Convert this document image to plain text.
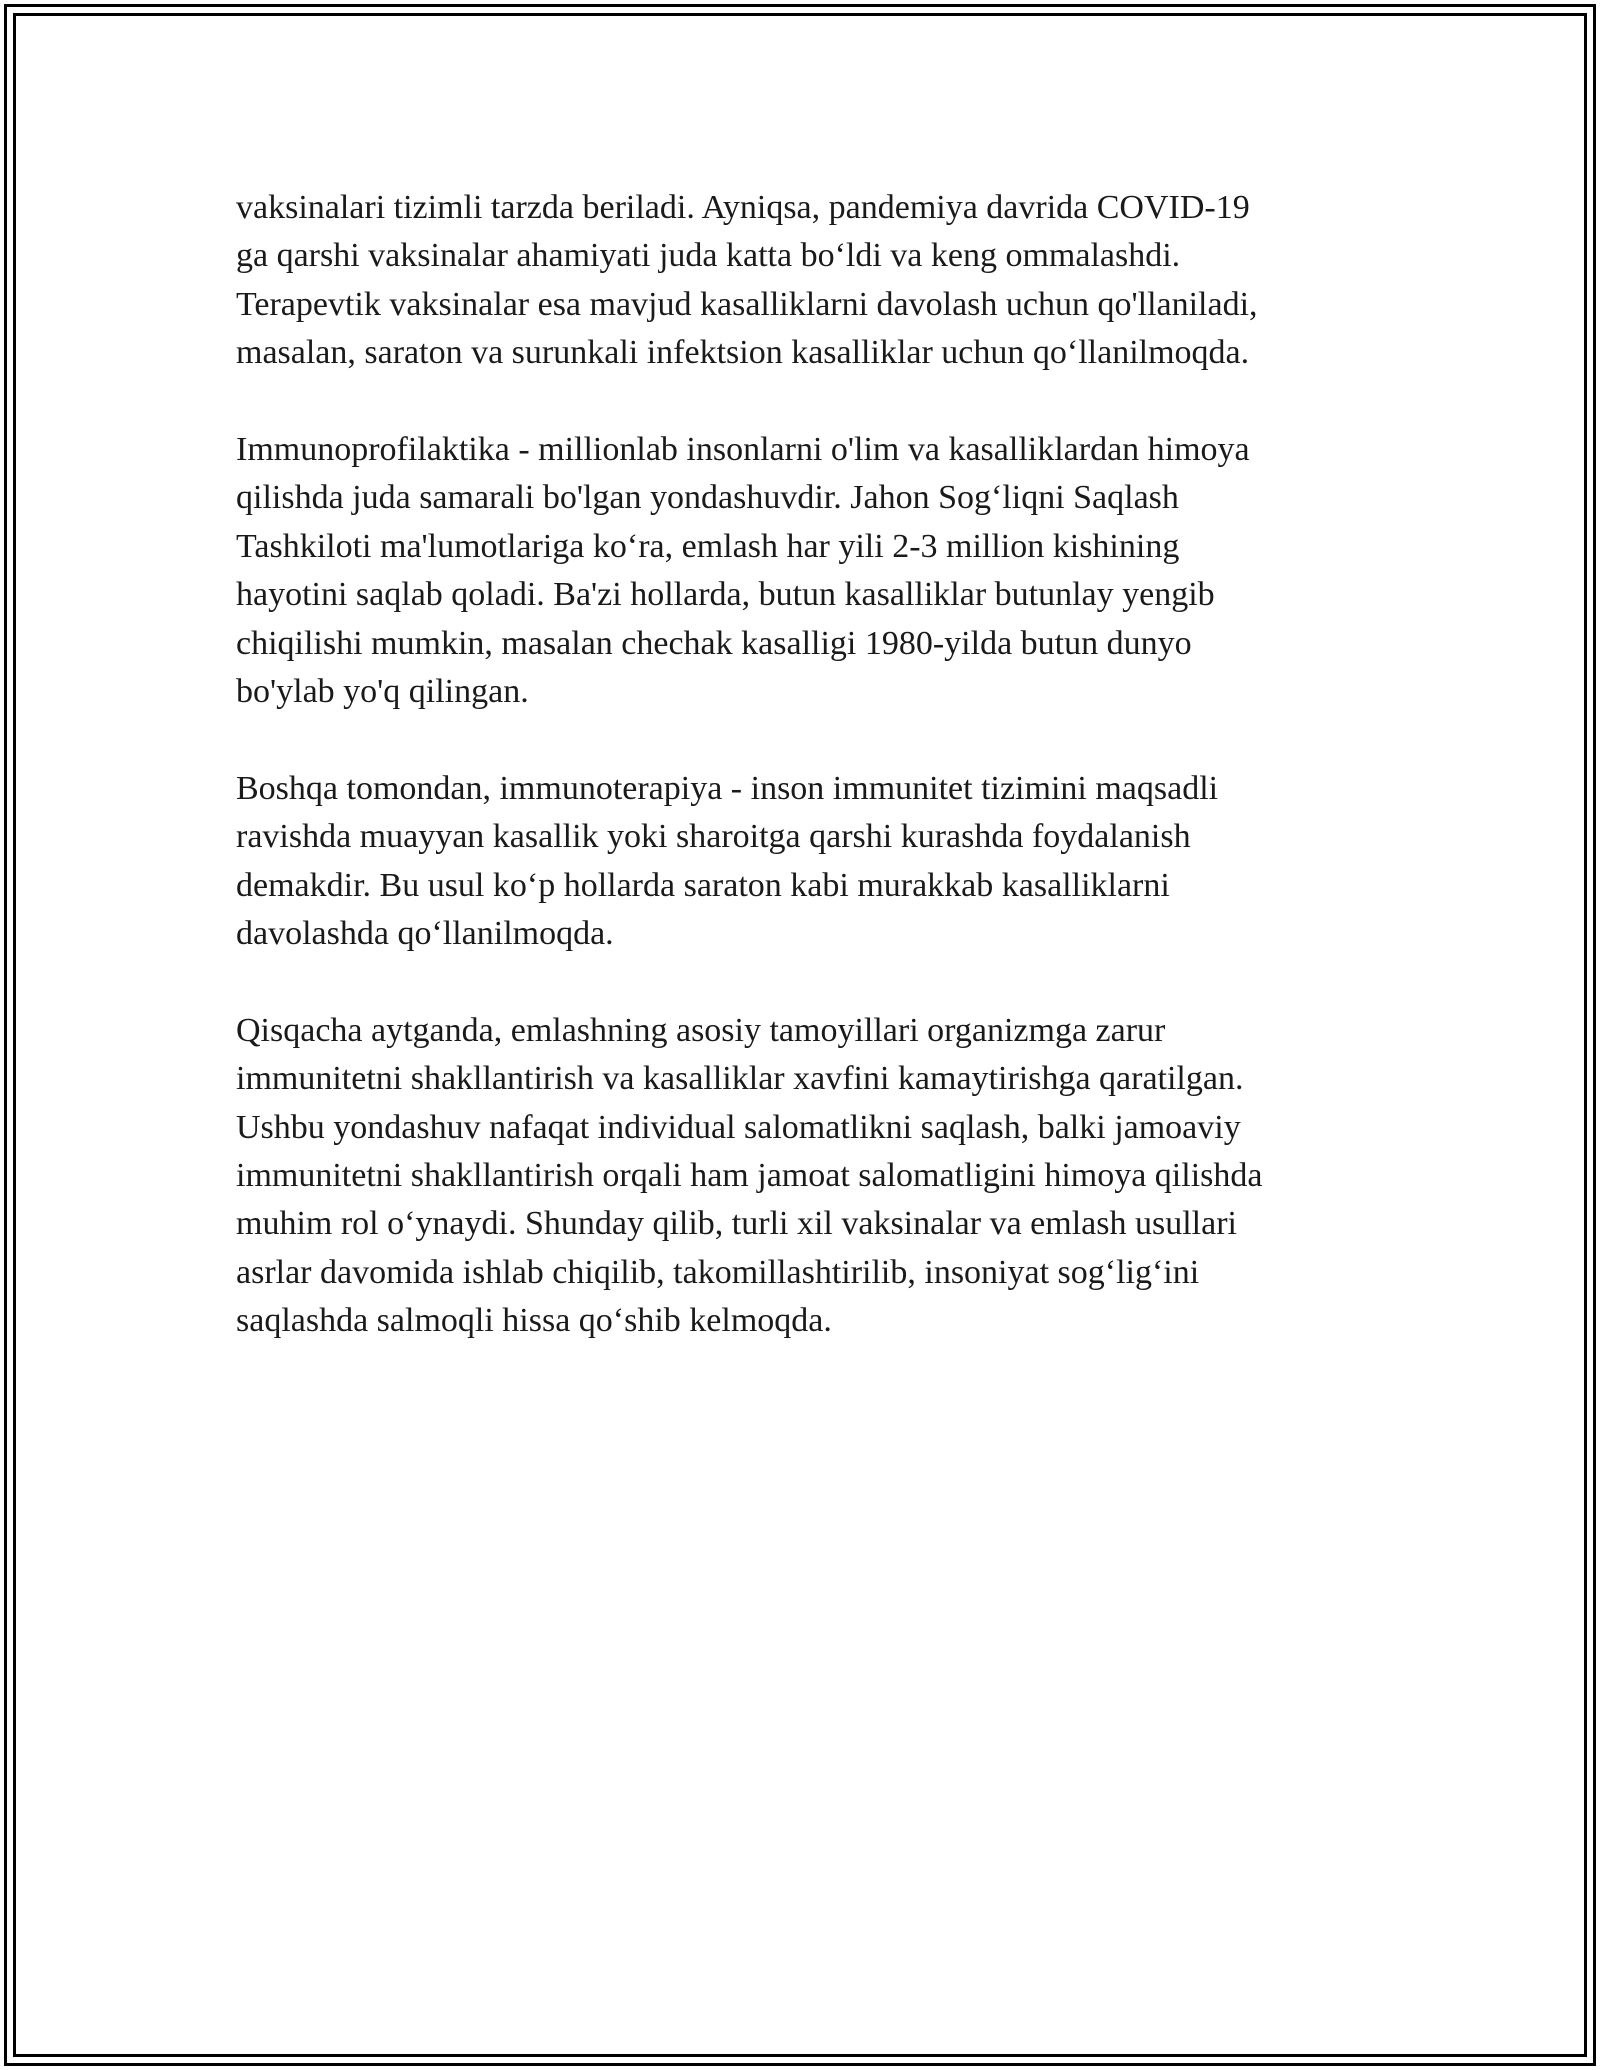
vaksinalari tizimli tarzda beriladi. Ayniqsa, pandemiya davrida COVID-19
ga qarshi vaksinalar ahamiyati juda katta bo‘ldi va keng ommalashdi.
Terapevtik vaksinalar esa mavjud kasalliklarni davolash uchun qo'llaniladi,
masalan, saraton va surunkali infektsion kasalliklar uchun qo‘llanilmoqda.

Immunoprofilaktika - millionlab insonlarni o'lim va kasalliklardan himoya
qilishda juda samarali bo'lgan yondashuvdir. Jahon Sog‘liqni Saqlash
Tashkiloti ma'lumotlariga ko‘ra, emlash har yili 2-3 million kishining
hayotini saqlab qoladi. Ba'zi hollarda, butun kasalliklar butunlay yengib
chiqilishi mumkin, masalan chechak kasalligi 1980-yilda butun dunyo
bo'ylab yo'q qilingan.

Boshqa tomondan, immunoterapiya - inson immunitet tizimini maqsadli
ravishda muayyan kasallik yoki sharoitga qarshi kurashda foydalanish
demakdir. Bu usul ko‘p hollarda saraton kabi murakkab kasalliklarni
davolashda qo‘llanilmoqda.

Qisqacha aytganda, emlashning asosiy tamoyillari organizmga zarur
immunitetni shakllantirish va kasalliklar xavfini kamaytirishga qaratilgan.
Ushbu yondashuv nafaqat individual salomatlikni saqlash, balki jamoaviy
immunitetni shakllantirish orqali ham jamoat salomatligini himoya qilishda
muhim rol o‘ynaydi. Shunday qilib, turli xil vaksinalar va emlash usullari
asrlar davomida ishlab chiqilib, takomillashtirilib, insoniyat sog‘lig‘ini
saqlashda salmoqli hissa qo‘shib kelmoqda.
